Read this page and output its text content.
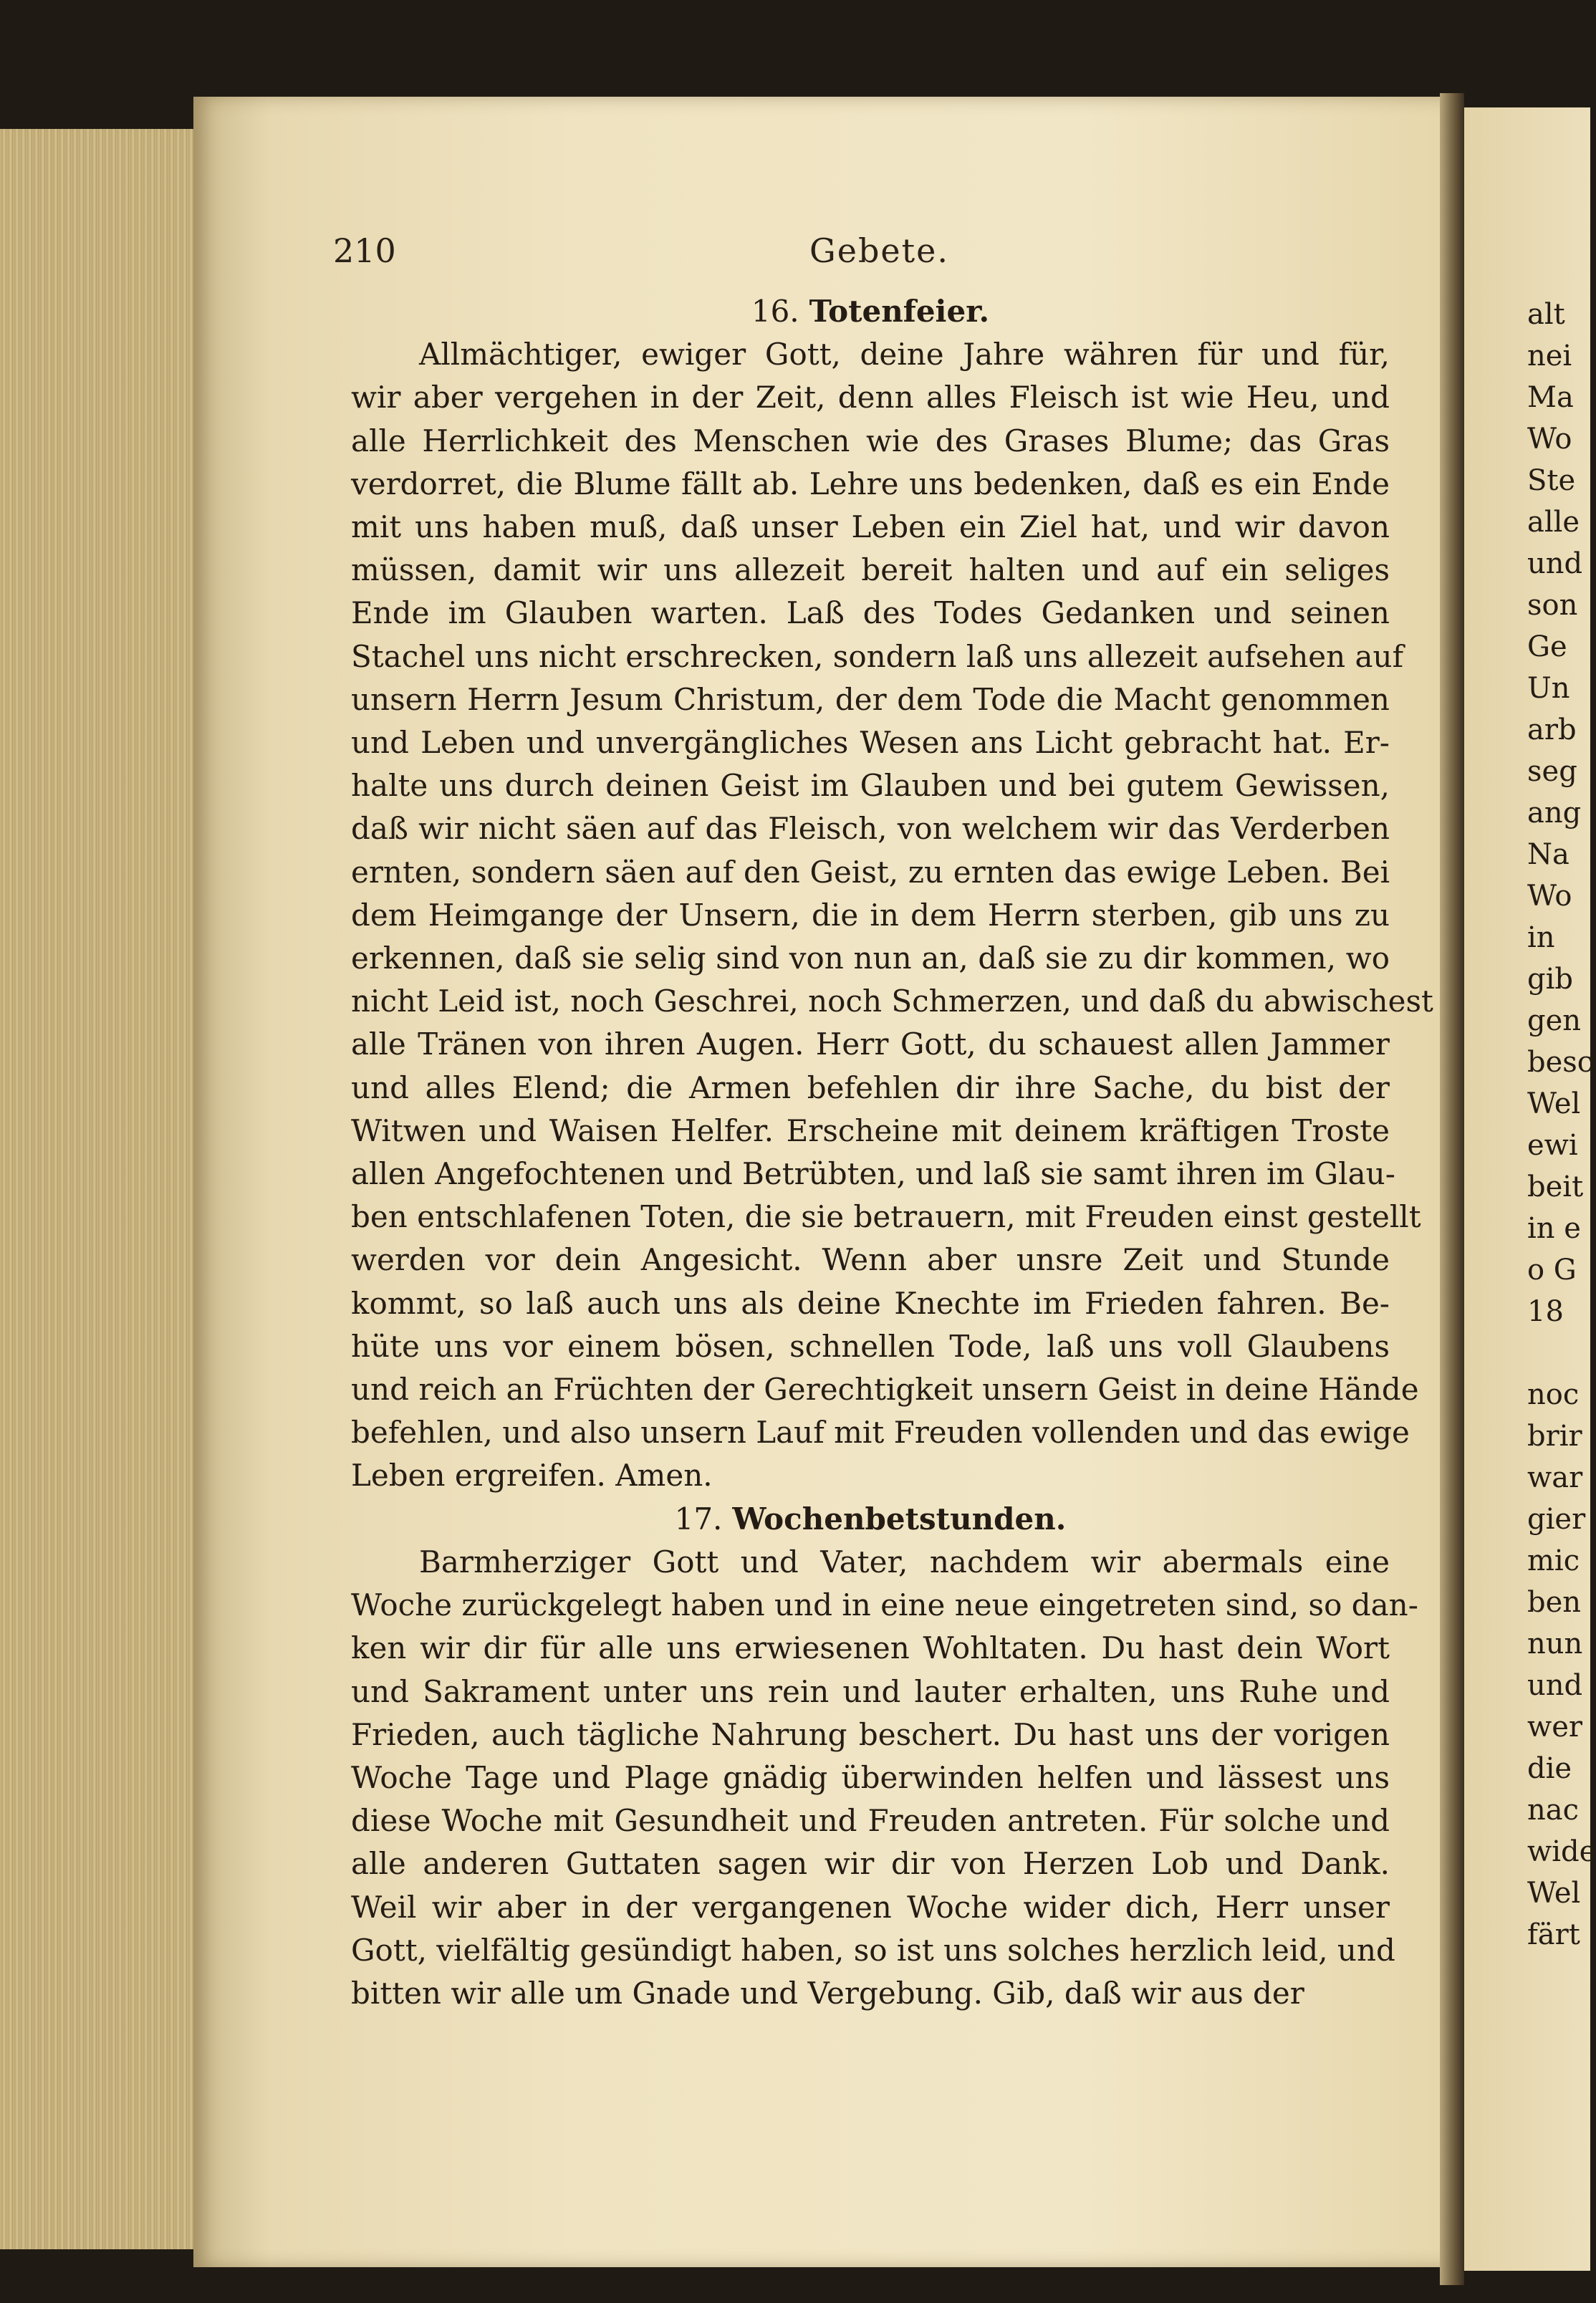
210	Gebete.
16. Totenfeier.
Allmächtiger, ewiger Gott, deine Jahre währen für und für,
wir aber vergehen in der Zeit, denn alles Fleisch ist wie Heu, und
alle Herrlichkeit des Menschen wie des Grases Blume; das Gras
verdorret, die Blume fällt ab. Lehre uns bedenken, daß es ein Ende
mit uns haben muß, daß unser Leben ein Ziel hat, und wir davon
müssen, damit wir uns allezeit bereit halten und auf ein seliges
Ende im Glauben warten. Laß des Todes Gedanken und seinen
Stachel uns nicht erschrecken, sondern laß uns allezeit aufsehen auf
unsern Herrn Jesum Christum, der dem Tode die Macht genommen
und Leben und unvergängliches Wesen ans Licht gebracht hat. Er-
halte uns durch deinen Geist im Glauben und bei gutem Gewissen,
daß wir nicht säen auf das Fleisch, von welchem wir das Verderben
ernten, sondern säen auf den Geist, zu ernten das ewige Leben. Bei
dem Heimgange der Unsern, die in dem Herrn sterben, gib uns zu
erkennen, daß sie selig sind von nun an, daß sie zu dir kommen, wo
nicht Leid ist, noch Geschrei, noch Schmerzen, und daß du abwischest
alle Tränen von ihren Augen. Herr Gott, du schauest allen Jammer
und alles Elend; die Armen befehlen dir ihre Sache, du bist der
Witwen und Waisen Helfer. Erscheine mit deinem kräftigen Troste
allen Angefochtenen und Betrübten, und laß sie samt ihren im Glau-
ben entschlafenen Toten, die sie betrauern, mit Freuden einst gestellt
werden vor dein Angesicht. Wenn aber unsre Zeit und Stunde
kommt, so laß auch uns als deine Knechte im Frieden fahren. Be-
hüte uns vor einem bösen, schnellen Tode, laß uns voll Glaubens
und reich an Früchten der Gerechtigkeit unsern Geist in deine Hände
befehlen, und also unsern Lauf mit Freuden vollenden und das ewige
Leben ergreifen. Amen.
17. Wochenbetstunden.
Barmherziger Gott und Vater, nachdem wir abermals eine
Woche zurückgelegt haben und in eine neue eingetreten sind, so dan-
ken wir dir für alle uns erwiesenen Wohltaten. Du hast dein Wort
und Sakrament unter uns rein und lauter erhalten, uns Ruhe und
Frieden, auch tägliche Nahrung beschert. Du hast uns der vorigen
Woche Tage und Plage gnädig überwinden helfen und lässest uns
diese Woche mit Gesundheit und Freuden antreten. Für solche und
alle anderen Guttaten sagen wir dir von Herzen Lob und Dank.
Weil wir aber in der vergangenen Woche wider dich, Herr unser
Gott, vielfältig gesündigt haben, so ist uns solches herzlich leid, und
bitten wir alle um Gnade und Vergebung. Gib, daß wir aus der
alt
nei
Ma
Wo
Ste
alle
und
son
Ge
Un
arb
seg
ang
Na
Wo
in
gib
gen
besc
Wel
ewi
beit
in e
o G
18

noc
brir
war
gier
mic
ben
nun
und
wer
die
nac
wide
Wel
färt
